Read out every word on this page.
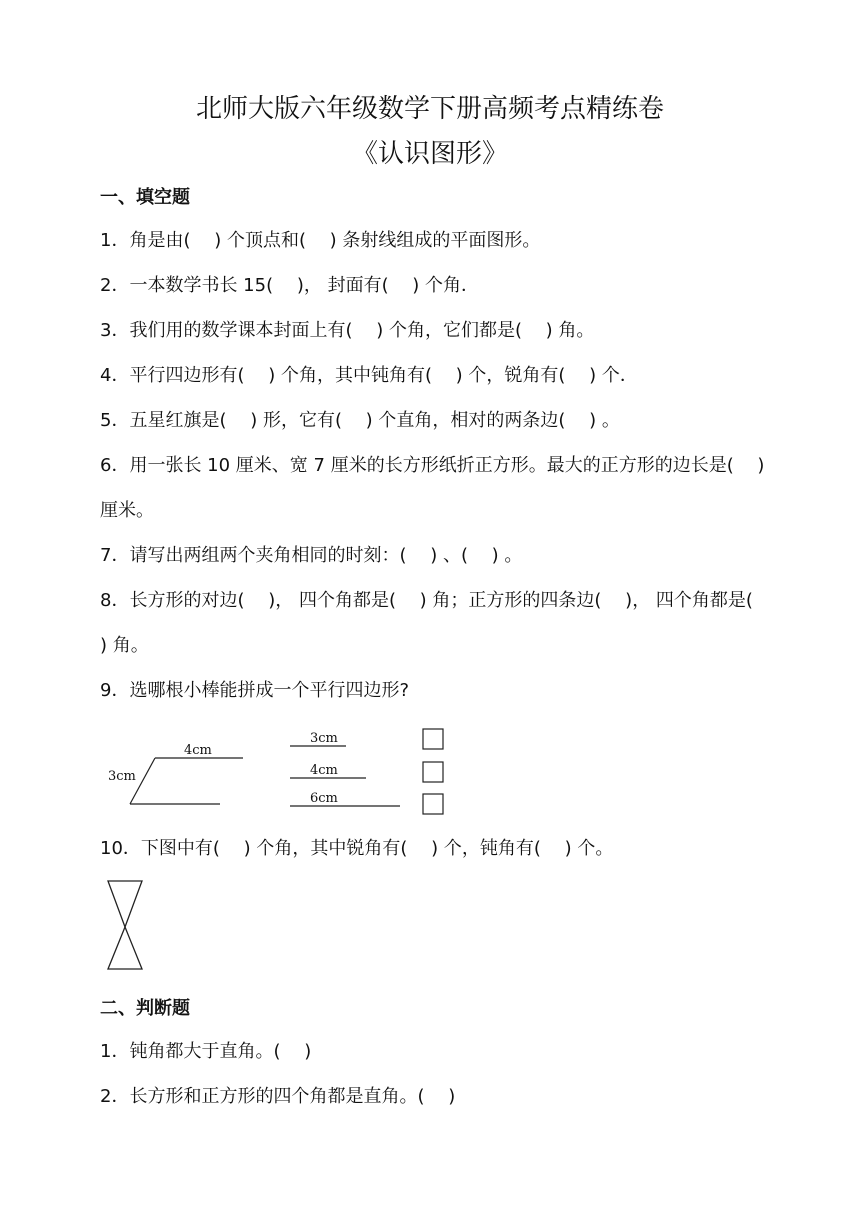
北师大版六年级数学下册高频考点精练卷
《认识图形》
一、填空题
1．角是由(　 ) 个顶点和(　 ) 条射线组成的平面图形。
2．一本数学书长 15(　 )， 封面有(　 ) 个角．
3．我们用的数学课本封面上有(　 ) 个角，它们都是(　 ) 角。
4．平行四边形有(　 ) 个角，其中钝角有(　 ) 个，锐角有(　 ) 个．
5．五星红旗是(　 ) 形，它有(　 ) 个直角，相对的两条边(　 ) 。
6．用一张长 10 厘米、宽 7 厘米的长方形纸折正方形。最大的正方形的边长是(　 ) 厘米。
7．请写出两组两个夹角相同的时刻：(　 ) 、(　 ) 。
8．长方形的对边(　 )， 四个角都是(　 ) 角；正方形的四条边(　 )， 四个角都是(　 ) 角。
9．选哪根小棒能拼成一个平行四边形?
4cm
3cm
3cm
4cm
6cm
10．下图中有(　 ) 个角，其中锐角有(　 ) 个，钝角有(　 ) 个。
二、判断题
1．钝角都大于直角。(　 )
2．长方形和正方形的四个角都是直角。(　 )
